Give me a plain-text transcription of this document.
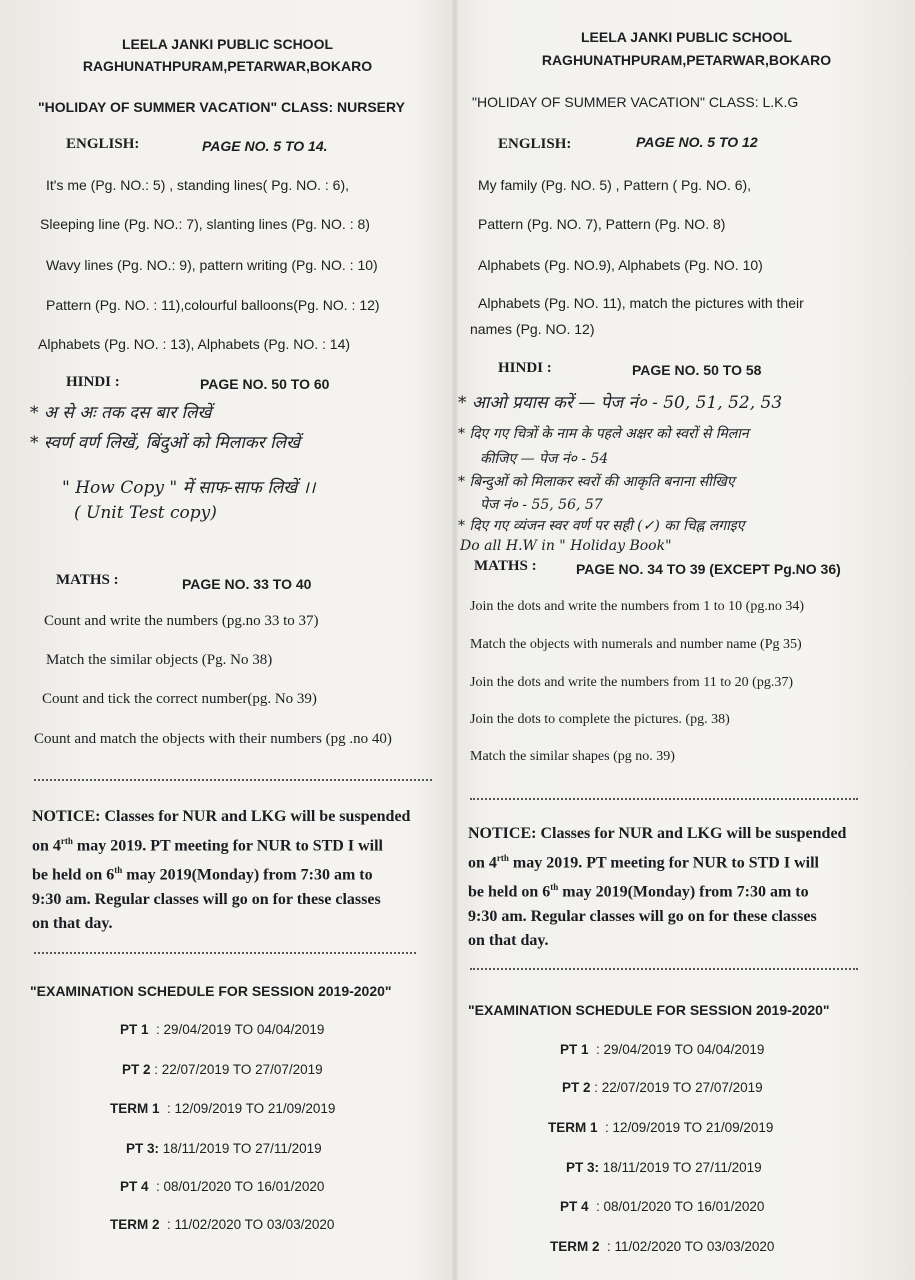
LEELA JANKI PUBLIC SCHOOL
RAGHUNATHPURAM,PETARWAR,BOKARO
"HOLIDAY OF SUMMER VACATION" CLASS: NURSERY
ENGLISH:	PAGE NO. 5 TO 14.
It's me (Pg. NO.: 5) , standing lines( Pg. NO. : 6),
Sleeping line (Pg. NO.: 7), slanting lines (Pg. NO. : 8)
Wavy lines (Pg. NO.: 9), pattern writing (Pg. NO. : 10)
Pattern (Pg. NO. : 11),colourful balloons(Pg. NO. : 12)
Alphabets (Pg. NO. : 13), Alphabets (Pg. NO. : 14)
HINDI :	PAGE NO. 50 TO 60
* अ से अः तक दस बार लिखें
* स्वर्ण वर्ण लिखें, बिंदुओं को मिलाकर लिखें
" How Copy " में साफ-साफ लिखें ।।
( Unit Test copy)
MATHS :	PAGE NO. 33 TO 40
Count and write the numbers (pg.no 33 to 37)
Match the similar objects (Pg. No 38)
Count and tick the correct number(pg. No 39)
Count and match the objects with their numbers (pg .no 40)
NOTICE: Classes for NUR and LKG will be suspended
on $4^{rth}$ may 2019. PT meeting for NUR to STD I will
be held on 6th may 2019(Monday) from 7:30 am to
9:30 am. Regular classes will go on for these classes
on that day.
"EXAMINATION SCHEDULE FOR SESSION 2019-2020"
PT 1 : 29/04/2019 TO 04/04/2019
PT 2 : 22/07/2019 TO 27/07/2019
TERM 1 : 12/09/2019 TO 21/09/2019
PT 3: 18/11/2019 TO 27/11/2019
PT 4 : 08/01/2020 TO 16/01/2020
TERM 2 : 11/02/2020 TO 03/03/2020
LEELA JANKI PUBLIC SCHOOL
RAGHUNATHPURAM,PETARWAR,BOKARO
"HOLIDAY OF SUMMER VACATION" CLASS: L.K.G
ENGLISH:	PAGE NO. 5 TO 12
My family (Pg. NO. 5) , Pattern ( Pg. NO. 6),
Pattern (Pg. NO. 7), Pattern (Pg. NO. 8)
Alphabets (Pg. NO.9), Alphabets (Pg. NO. 10)
Alphabets (Pg. NO. 11), match the pictures with their
names (Pg. NO. 12)
HINDI :	PAGE NO. 50 TO 58
* आओ प्रयास करें — पेज नं० - 50, 51, 52, 53
* दिए गए चित्रों के नाम के पहले अक्षर को स्वरों से मिलान
कीजिए — पेज नं० - 54
* बिन्दुओं को मिलाकर स्वरों की आकृति बनाना सीखिए
पेज नं० - 55, 56, 57
* दिए गए व्यंजन स्वर वर्ण पर सही (✓) का चिह्न लगाइए
Do all H.W in " Holiday Book"
MATHS :	PAGE NO. 34 TO 39 (EXCEPT Pg.NO 36)
Join the dots and write the numbers from 1 to 10 (pg.no 34)
Match the objects with numerals and number name (Pg 35)
Join the dots and write the numbers from 11 to 20 (pg.37)
Join the dots to complete the pictures. (pg. 38)
Match the similar shapes (pg no. 39)
NOTICE: Classes for NUR and LKG will be suspended
on $4^{rth}$ may 2019. PT meeting for NUR to STD I will
be held on 6th may 2019(Monday) from 7:30 am to
9:30 am. Regular classes will go on for these classes
on that day.
"EXAMINATION SCHEDULE FOR SESSION 2019-2020"
PT 1 : 29/04/2019 TO 04/04/2019
PT 2 : 22/07/2019 TO 27/07/2019
TERM 1 : 12/09/2019 TO 21/09/2019
PT 3: 18/11/2019 TO 27/11/2019
PT 4 : 08/01/2020 TO 16/01/2020
TERM 2 : 11/02/2020 TO 03/03/2020
